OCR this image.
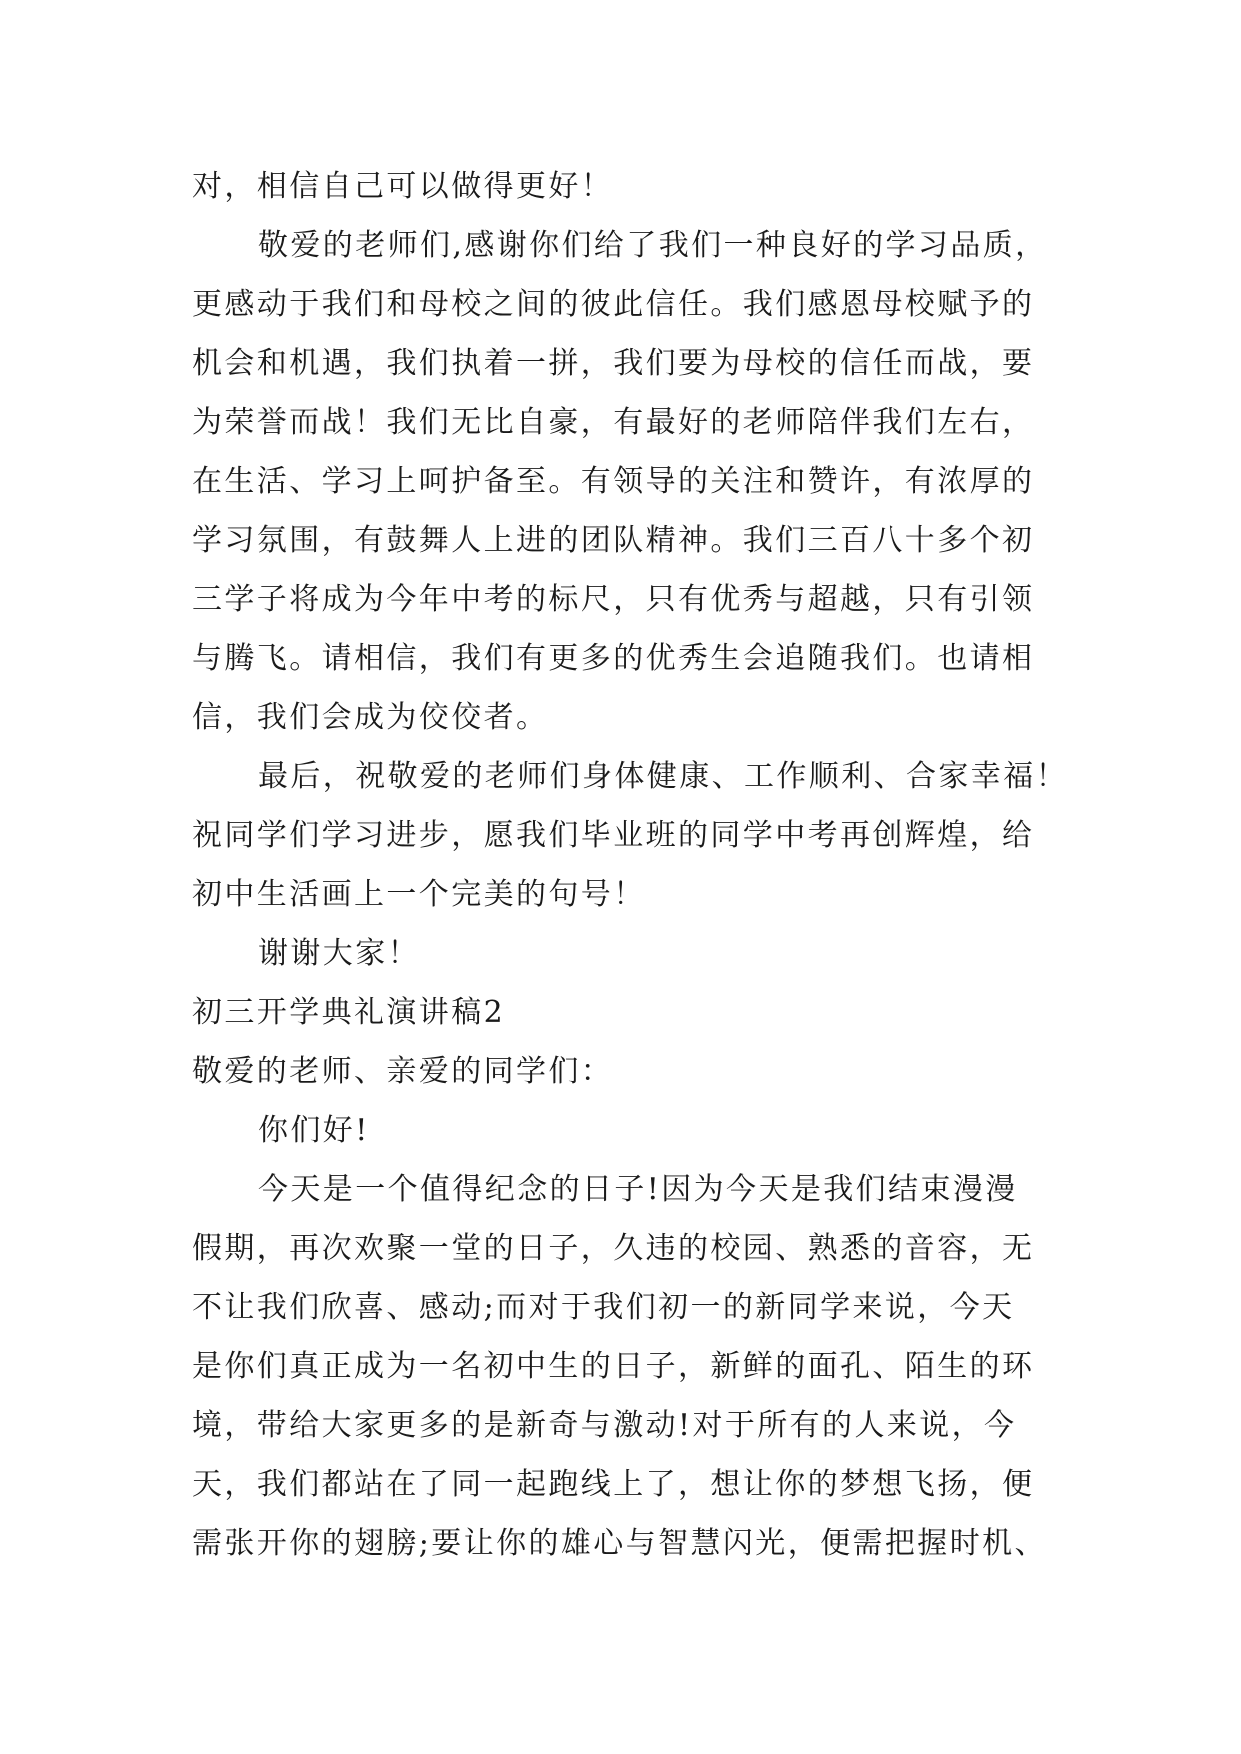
对，相信自己可以做得更好！
敬爱的老师们,感谢你们给了我们一种良好的学习品质，
更感动于我们和母校之间的彼此信任。我们感恩母校赋予的
机会和机遇，我们执着一拼，我们要为母校的信任而战，要
为荣誉而战！我们无比自豪，有最好的老师陪伴我们左右，
在生活、学习上呵护备至。有领导的关注和赞许，有浓厚的
学习氛围，有鼓舞人上进的团队精神。我们三百八十多个初
三学子将成为今年中考的标尺，只有优秀与超越，只有引领
与腾飞。请相信，我们有更多的优秀生会追随我们。也请相
信，我们会成为佼佼者。
最后，祝敬爱的老师们身体健康、工作顺利、合家幸福！
祝同学们学习进步，愿我们毕业班的同学中考再创辉煌，给
初中生活画上一个完美的句号！
谢谢大家！
初三开学典礼演讲稿2
敬爱的老师、亲爱的同学们：
你们好!
今天是一个值得纪念的日子!因为今天是我们结束漫漫
假期，再次欢聚一堂的日子，久违的校园、熟悉的音容，无
不让我们欣喜、感动;而对于我们初一的新同学来说，今天
是你们真正成为一名初中生的日子，新鲜的面孔、陌生的环
境，带给大家更多的是新奇与激动!对于所有的人来说，今
天，我们都站在了同一起跑线上了，想让你的梦想飞扬，便
需张开你的翅膀;要让你的雄心与智慧闪光，便需把握时机、
